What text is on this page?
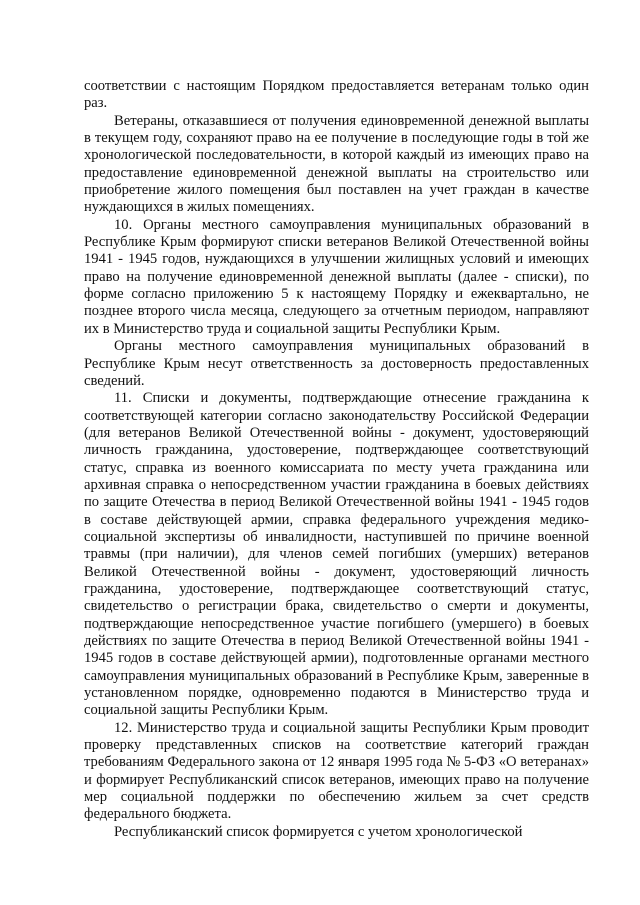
соответствии с настоящим Порядком предоставляется ветеранам только один раз.

Ветераны, отказавшиеся от получения единовременной денежной выплаты в текущем году, сохраняют право на ее получение в последующие годы в той же хронологической последовательности, в которой каждый из имеющих право на предоставление единовременной денежной выплаты на строительство или приобретение жилого помещения был поставлен на учет граждан в качестве нуждающихся в жилых помещениях.

10. Органы местного самоуправления муниципальных образований в Республике Крым формируют списки ветеранов Великой Отечественной войны 1941 - 1945 годов, нуждающихся в улучшении жилищных условий и имеющих право на получение единовременной денежной выплаты (далее - списки), по форме согласно приложению 5 к настоящему Порядку и ежеквартально, не позднее второго числа месяца, следующего за отчетным периодом, направляют их в Министерство труда и социальной защиты Республики Крым.

Органы местного самоуправления муниципальных образований в Республике Крым несут ответственность за достоверность предоставленных сведений.

11. Списки и документы, подтверждающие отнесение гражданина к соответствующей категории согласно законодательству Российской Федерации (для ветеранов Великой Отечественной войны - документ, удостоверяющий личность гражданина, удостоверение, подтверждающее соответствующий статус, справка из военного комиссариата по месту учета гражданина или архивная справка о непосредственном участии гражданина в боевых действиях по защите Отечества в период Великой Отечественной войны 1941 - 1945 годов в составе действующей армии, справка федерального учреждения медико-социальной экспертизы об инвалидности, наступившей по причине военной травмы (при наличии), для членов семей погибших (умерших) ветеранов Великой Отечественной войны - документ, удостоверяющий личность гражданина, удостоверение, подтверждающее соответствующий статус, свидетельство о регистрации брака, свидетельство о смерти и документы, подтверждающие непосредственное участие погибшего (умершего) в боевых действиях по защите Отечества в период Великой Отечественной войны 1941 - 1945 годов в составе действующей армии), подготовленные органами местного самоуправления муниципальных образований в Республике Крым, заверенные в установленном порядке, одновременно подаются в Министерство труда и социальной защиты Республики Крым.

12. Министерство труда и социальной защиты Республики Крым проводит проверку представленных списков на соответствие категорий граждан требованиям Федерального закона от 12 января 1995 года № 5-ФЗ «О ветеранах» и формирует Республиканский список ветеранов, имеющих право на получение мер социальной поддержки по обеспечению жильем за счет средств федерального бюджета.

Республиканский список формируется с учетом хронологической
